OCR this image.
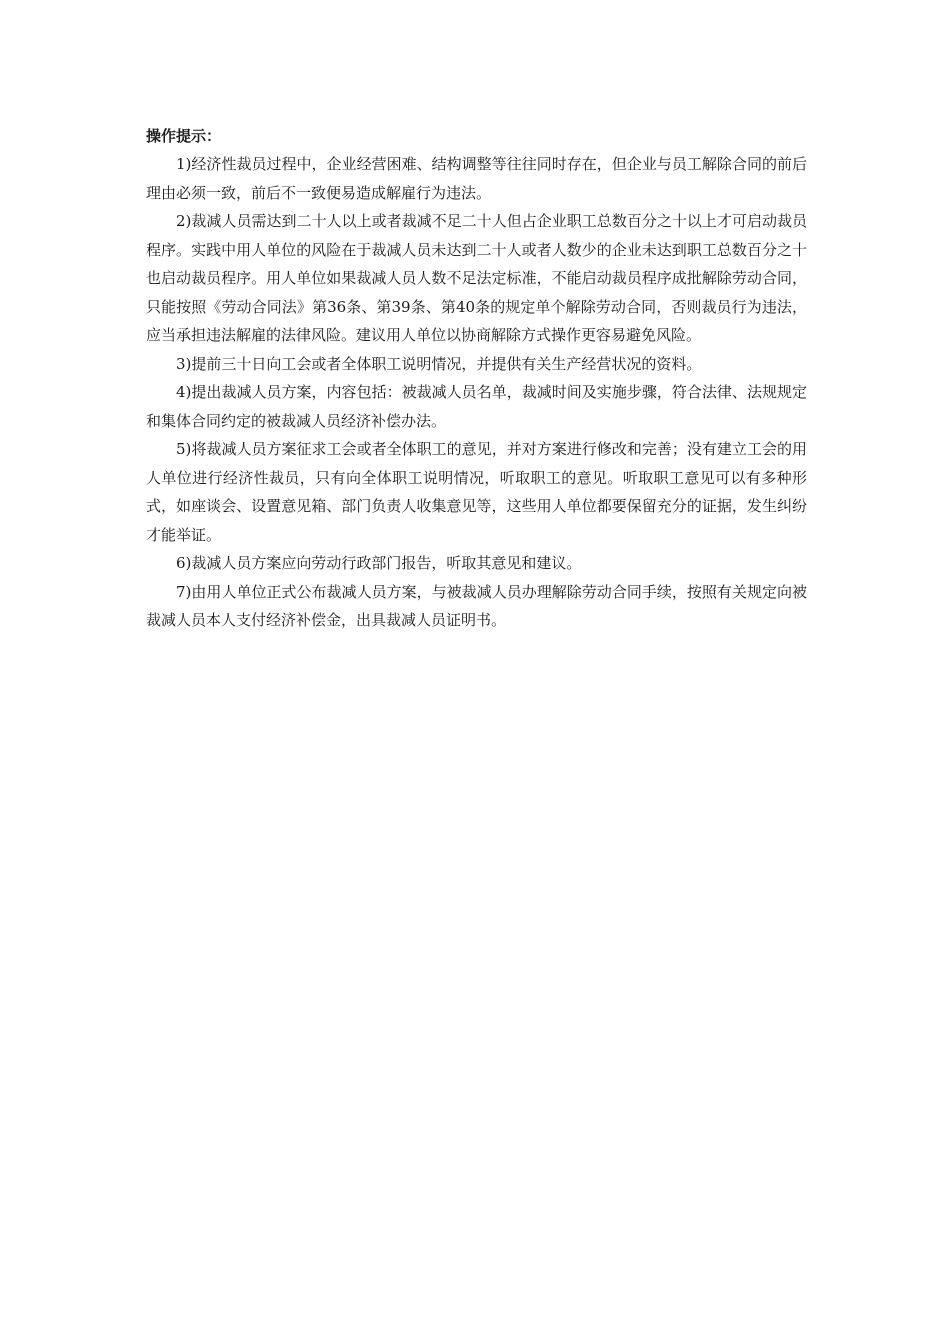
操作提示：

1)经济性裁员过程中，企业经营困难、结构调整等往往同时存在，但企业与员工解除合同的前后理由必须一致，前后不一致便易造成解雇行为违法。

2)裁减人员需达到二十人以上或者裁减不足二十人但占企业职工总数百分之十以上才可启动裁员程序。实践中用人单位的风险在于裁减人员未达到二十人或者人数少的企业未达到职工总数百分之十也启动裁员程序。用人单位如果裁减人员人数不足法定标准，不能启动裁员程序成批解除劳动合同，只能按照《劳动合同法》第36条、第39条、第40条的规定单个解除劳动合同，否则裁员行为违法，应当承担违法解雇的法律风险。建议用人单位以协商解除方式操作更容易避免风险。

3)提前三十日向工会或者全体职工说明情况，并提供有关生产经营状况的资料。

4)提出裁减人员方案，内容包括：被裁减人员名单，裁减时间及实施步骤，符合法律、法规规定和集体合同约定的被裁减人员经济补偿办法。

5)将裁减人员方案征求工会或者全体职工的意见，并对方案进行修改和完善；没有建立工会的用人单位进行经济性裁员，只有向全体职工说明情况，听取职工的意见。听取职工意见可以有多种形式，如座谈会、设置意见箱、部门负责人收集意见等，这些用人单位都要保留充分的证据，发生纠纷才能举证。

6)裁减人员方案应向劳动行政部门报告，听取其意见和建议。

7)由用人单位正式公布裁减人员方案，与被裁减人员办理解除劳动合同手续，按照有关规定向被裁减人员本人支付经济补偿金，出具裁减人员证明书。
